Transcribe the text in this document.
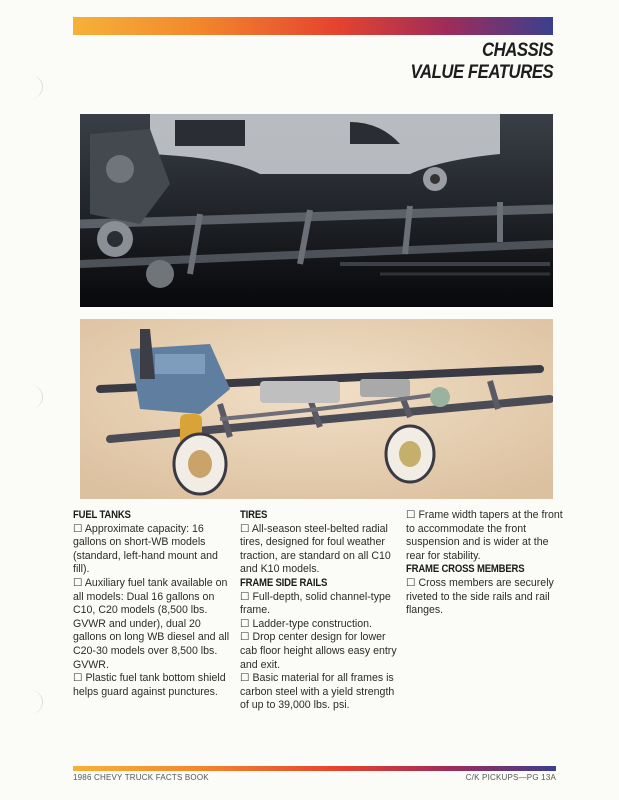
CHASSIS
VALUE FEATURES
FUEL TANKS

☐ Approximate capacity: 16 gallons on short-WB models (standard, left-hand mount and fill).

☐ Auxiliary fuel tank available on all models: Dual 16 gallons on C10, C20 models (8,500 lbs. GVWR and under), dual 20 gallons on long WB diesel and all C20-30 models over 8,500 lbs. GVWR.

☐ Plastic fuel tank bottom shield helps guard against punctures.

TIRES

☐ All-season steel-belted radial tires, designed for foul weather traction, are standard on all C10 and K10 models.

FRAME SIDE RAILS

☐ Full-depth, solid channel-type frame.

☐ Ladder-type construction.

☐ Drop center design for lower cab floor height allows easy entry and exit.

☐ Basic material for all frames is carbon steel with a yield strength of up to 39,000 lbs. psi.

☐ Frame width tapers at the front to accommodate the front suspension and is wider at the rear for stability.

FRAME CROSS MEMBERS

☐ Cross members are securely riveted to the side rails and rail flanges.

1986 CHEVY TRUCK FACTS BOOK	C/K PICKUPS—PG 13A
